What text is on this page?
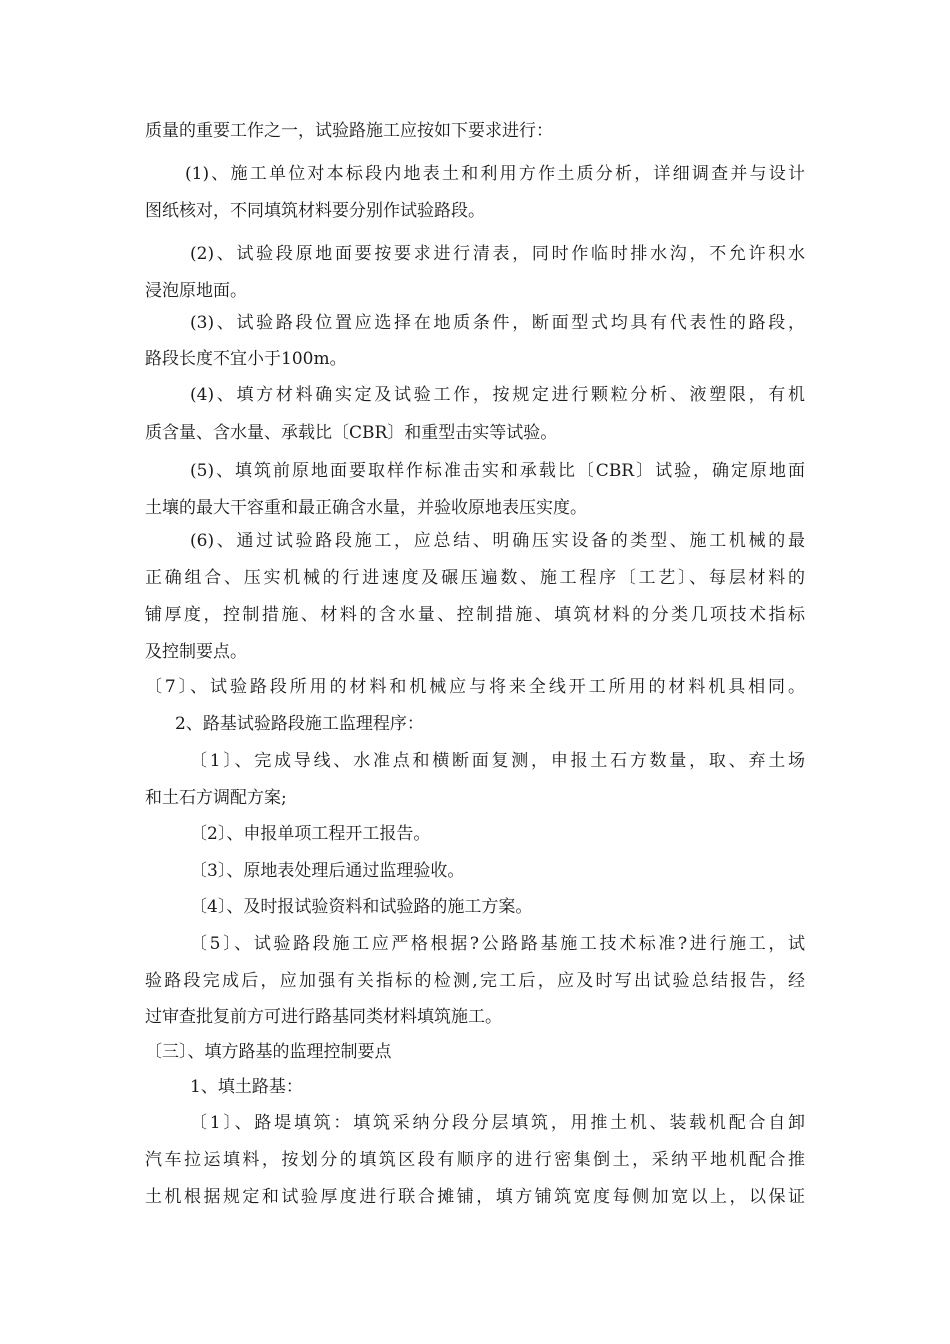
质量的重要工作之一，试验路施工应按如下要求进行：
(1)、施工单位对本标段内地表土和利用方作土质分析，详细调查并与设计
图纸核对，不同填筑材料要分别作试验路段。
(2)、试验段原地面要按要求进行清表，同时作临时排水沟，不允许积水
浸泡原地面。
(3)、试验路段位置应选择在地质条件，断面型式均具有代表性的路段，
路段长度不宜小于100m。
(4)、填方材料确实定及试验工作，按规定进行颗粒分析、液塑限，有机
质含量、含水量、承载比〔CBR〕和重型击实等试验。
(5)、填筑前原地面要取样作标准击实和承载比〔CBR〕试验，确定原地面
土壤的最大干容重和最正确含水量，并验收原地表压实度。
(6)、通过试验路段施工，应总结、明确压实设备的类型、施工机械的最
正确组合、压实机械的行进速度及碾压遍数、施工程序〔工艺〕、每层材料的
铺厚度，控制措施、材料的含水量、控制措施、填筑材料的分类几项技术指标
及控制要点。
〔7〕、试验路段所用的材料和机械应与将来全线开工所用的材料机具相同。
2、路基试验路段施工监理程序：
〔1〕、完成导线、水准点和横断面复测，申报土石方数量，取、弃土场
和土石方调配方案;
〔2〕、申报单项工程开工报告。
〔3〕、原地表处理后通过监理验收。
〔4〕、及时报试验资料和试验路的施工方案。
〔5〕、试验路段施工应严格根据?公路路基施工技术标准?进行施工，试
验路段完成后，应加强有关指标的检测,完工后，应及时写出试验总结报告，经
过审查批复前方可进行路基同类材料填筑施工。
〔三〕、填方路基的监理控制要点
1、填土路基：
〔1〕、路堤填筑：填筑采纳分段分层填筑，用推土机、装载机配合自卸
汽车拉运填料，按划分的填筑区段有顺序的进行密集倒土，采纳平地机配合推
土机根据规定和试验厚度进行联合摊铺，填方铺筑宽度每侧加宽以上，以保证
